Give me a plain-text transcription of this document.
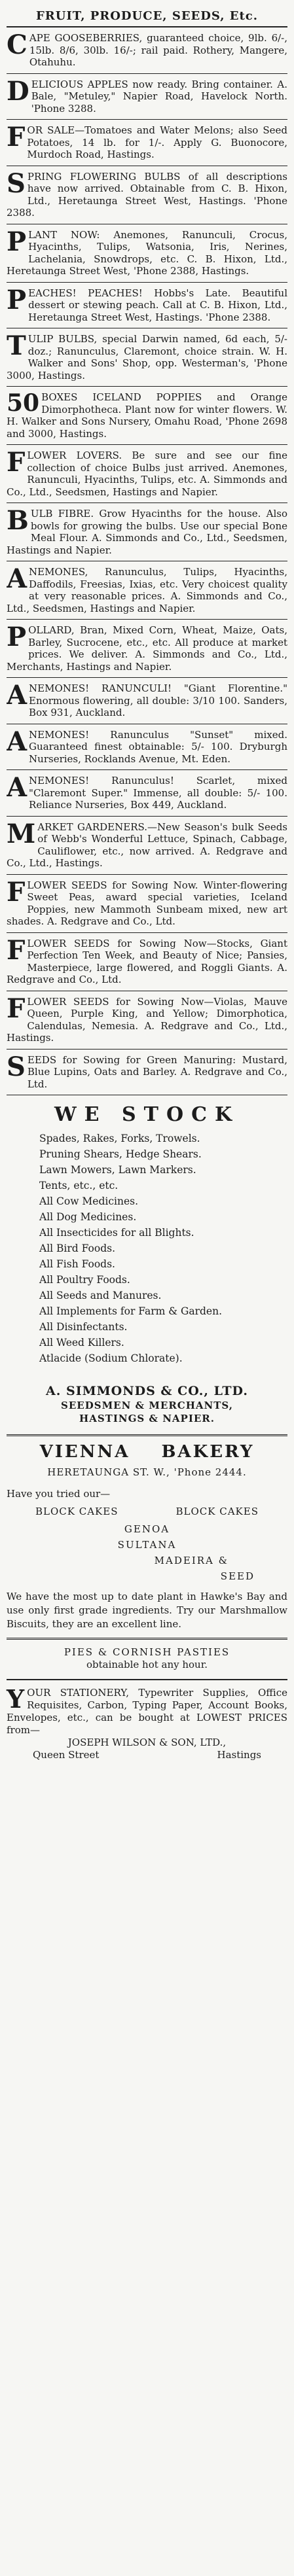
FRUIT, PRODUCE, SEEDS, Etc.

CAPE GOOSEBERRIES, guaranteed choice, 9lb. 6/-, 15lb. 8/6, 30lb. 16/-; rail paid. Rothery, Mangere, Otahuhu.

DELICIOUS APPLES now ready. Bring container. A. Bale, "Metuley," Napier Road, Havelock North. 'Phone 3288.

FOR SALE—Tomatoes and Water Melons; also Seed Potatoes, 14 lb. for 1/-. Apply G. Buonocore, Murdoch Road, Hastings.

SPRING FLOWERING BULBS of all descriptions have now arrived. Obtainable from C. B. Hixon, Ltd., Heretaunga Street West, Hastings. 'Phone 2388.

PLANT NOW: Anemones, Ranunculi, Crocus, Hyacinths, Tulips, Watsonia, Iris, Nerines, Lachelania, Snowdrops, etc. C. B. Hixon, Ltd., Heretaunga Street West, 'Phone 2388, Hastings.

PEACHES! PEACHES! Hobbs's Late. Beautiful dessert or stewing peach. Call at C. B. Hixon, Ltd., Heretaunga Street West, Hastings. 'Phone 2388.

TULIP BULBS, special Darwin named, 6d each, 5/- doz.; Ranunculus, Claremont, choice strain. W. H. Walker and Sons' Shop, opp. Westerman's, 'Phone 3000, Hastings.

50 BOXES ICELAND POPPIES and Orange Dimorphotheca. Plant now for winter flowers. W. H. Walker and Sons Nursery, Omahu Road, 'Phone 2698 and 3000, Hastings.

FLOWER LOVERS. Be sure and see our fine collection of choice Bulbs just arrived. Anemones, Ranunculi, Hyacinths, Tulips, etc. A. Simmonds and Co., Ltd., Seedsmen, Hastings and Napier.

BULB FIBRE. Grow Hyacinths for the house. Also bowls for growing the bulbs. Use our special Bone Meal Flour. A. Simmonds and Co., Ltd., Seedsmen, Hastings and Napier.

ANEMONES, Ranunculus, Tulips, Hyacinths, Daffodils, Freesias, Ixias, etc. Very choicest quality at very reasonable prices. A. Simmonds and Co., Ltd., Seedsmen, Hastings and Napier.

POLLARD, Bran, Mixed Corn, Wheat, Maize, Oats, Barley, Sucrocene, etc., etc. All produce at market prices. We deliver. A. Simmonds and Co., Ltd., Merchants, Hastings and Napier.

ANEMONES! RANUNCULI! "Giant Florentine." Enormous flowering, all double: 3/10 100. Sanders, Box 931, Auckland.

ANEMONES! Ranunculus "Sunset" mixed. Guaranteed finest obtainable: 5/- 100. Dryburgh Nurseries, Rocklands Avenue, Mt. Eden.

ANEMONES! Ranunculus! Scarlet, mixed "Claremont Super." Immense, all double: 5/- 100. Reliance Nurseries, Box 449, Auckland.

MARKET GARDENERS.—New Season's bulk Seeds of Webb's Wonderful Lettuce, Spinach, Cabbage, Cauliflower, etc., now arrived. A. Redgrave and Co., Ltd., Hastings.

FLOWER SEEDS for Sowing Now. Winter-flowering Sweet Peas, award special varieties, Iceland Poppies, new Mammoth Sunbeam mixed, new art shades. A. Redgrave and Co., Ltd.

FLOWER SEEDS for Sowing Now—Stocks, Giant Perfection Ten Week, and Beauty of Nice; Pansies, Masterpiece, large flowered, and Roggli Giants. A. Redgrave and Co., Ltd.

FLOWER SEEDS for Sowing Now—Violas, Mauve Queen, Purple King, and Yellow; Dimorphotica, Calendulas, Nemesia. A. Redgrave and Co., Ltd., Hastings.

SEEDS for Sowing for Green Manuring: Mustard, Blue Lupins, Oats and Barley. A. Redgrave and Co., Ltd.

WE STOCK
Spades, Rakes, Forks, Trowels.
Pruning Shears, Hedge Shears.
Lawn Mowers, Lawn Markers.
Tents, etc., etc.
All Cow Medicines.
All Dog Medicines.
All Insecticides for all Blights.
All Bird Foods.
All Fish Foods.
All Poultry Foods.
All Seeds and Manures.
All Implements for Farm & Garden.
All Disinfectants.
All Weed Killers.
Atlacide (Sodium Chlorate).
A. SIMMONDS & CO., LTD.
SEEDSMEN & MERCHANTS,
HASTINGS & NAPIER.
VIENNA BAKERY
HERETAUNGA ST. W., 'Phone 2444.
Have you tried our—
BLOCK CAKES	BLOCK CAKES
GENOA
SULTANA
MADEIRA &
SEED

We have the most up to date plant in Hawke's Bay and use only first grade ingredients. Try our Marshmallow Biscuits, they are an excellent line.

PIES & CORNISH PASTIES
obtainable hot any hour.

Y OUR STATIONERY, Typewriter Supplies, Office Requisites, Carbon, Typing Paper, Account Books, Envelopes, etc., can be bought at LOWEST PRICES from—

JOSEPH WILSON & SON, LTD.,
Queen Street	Hastings
